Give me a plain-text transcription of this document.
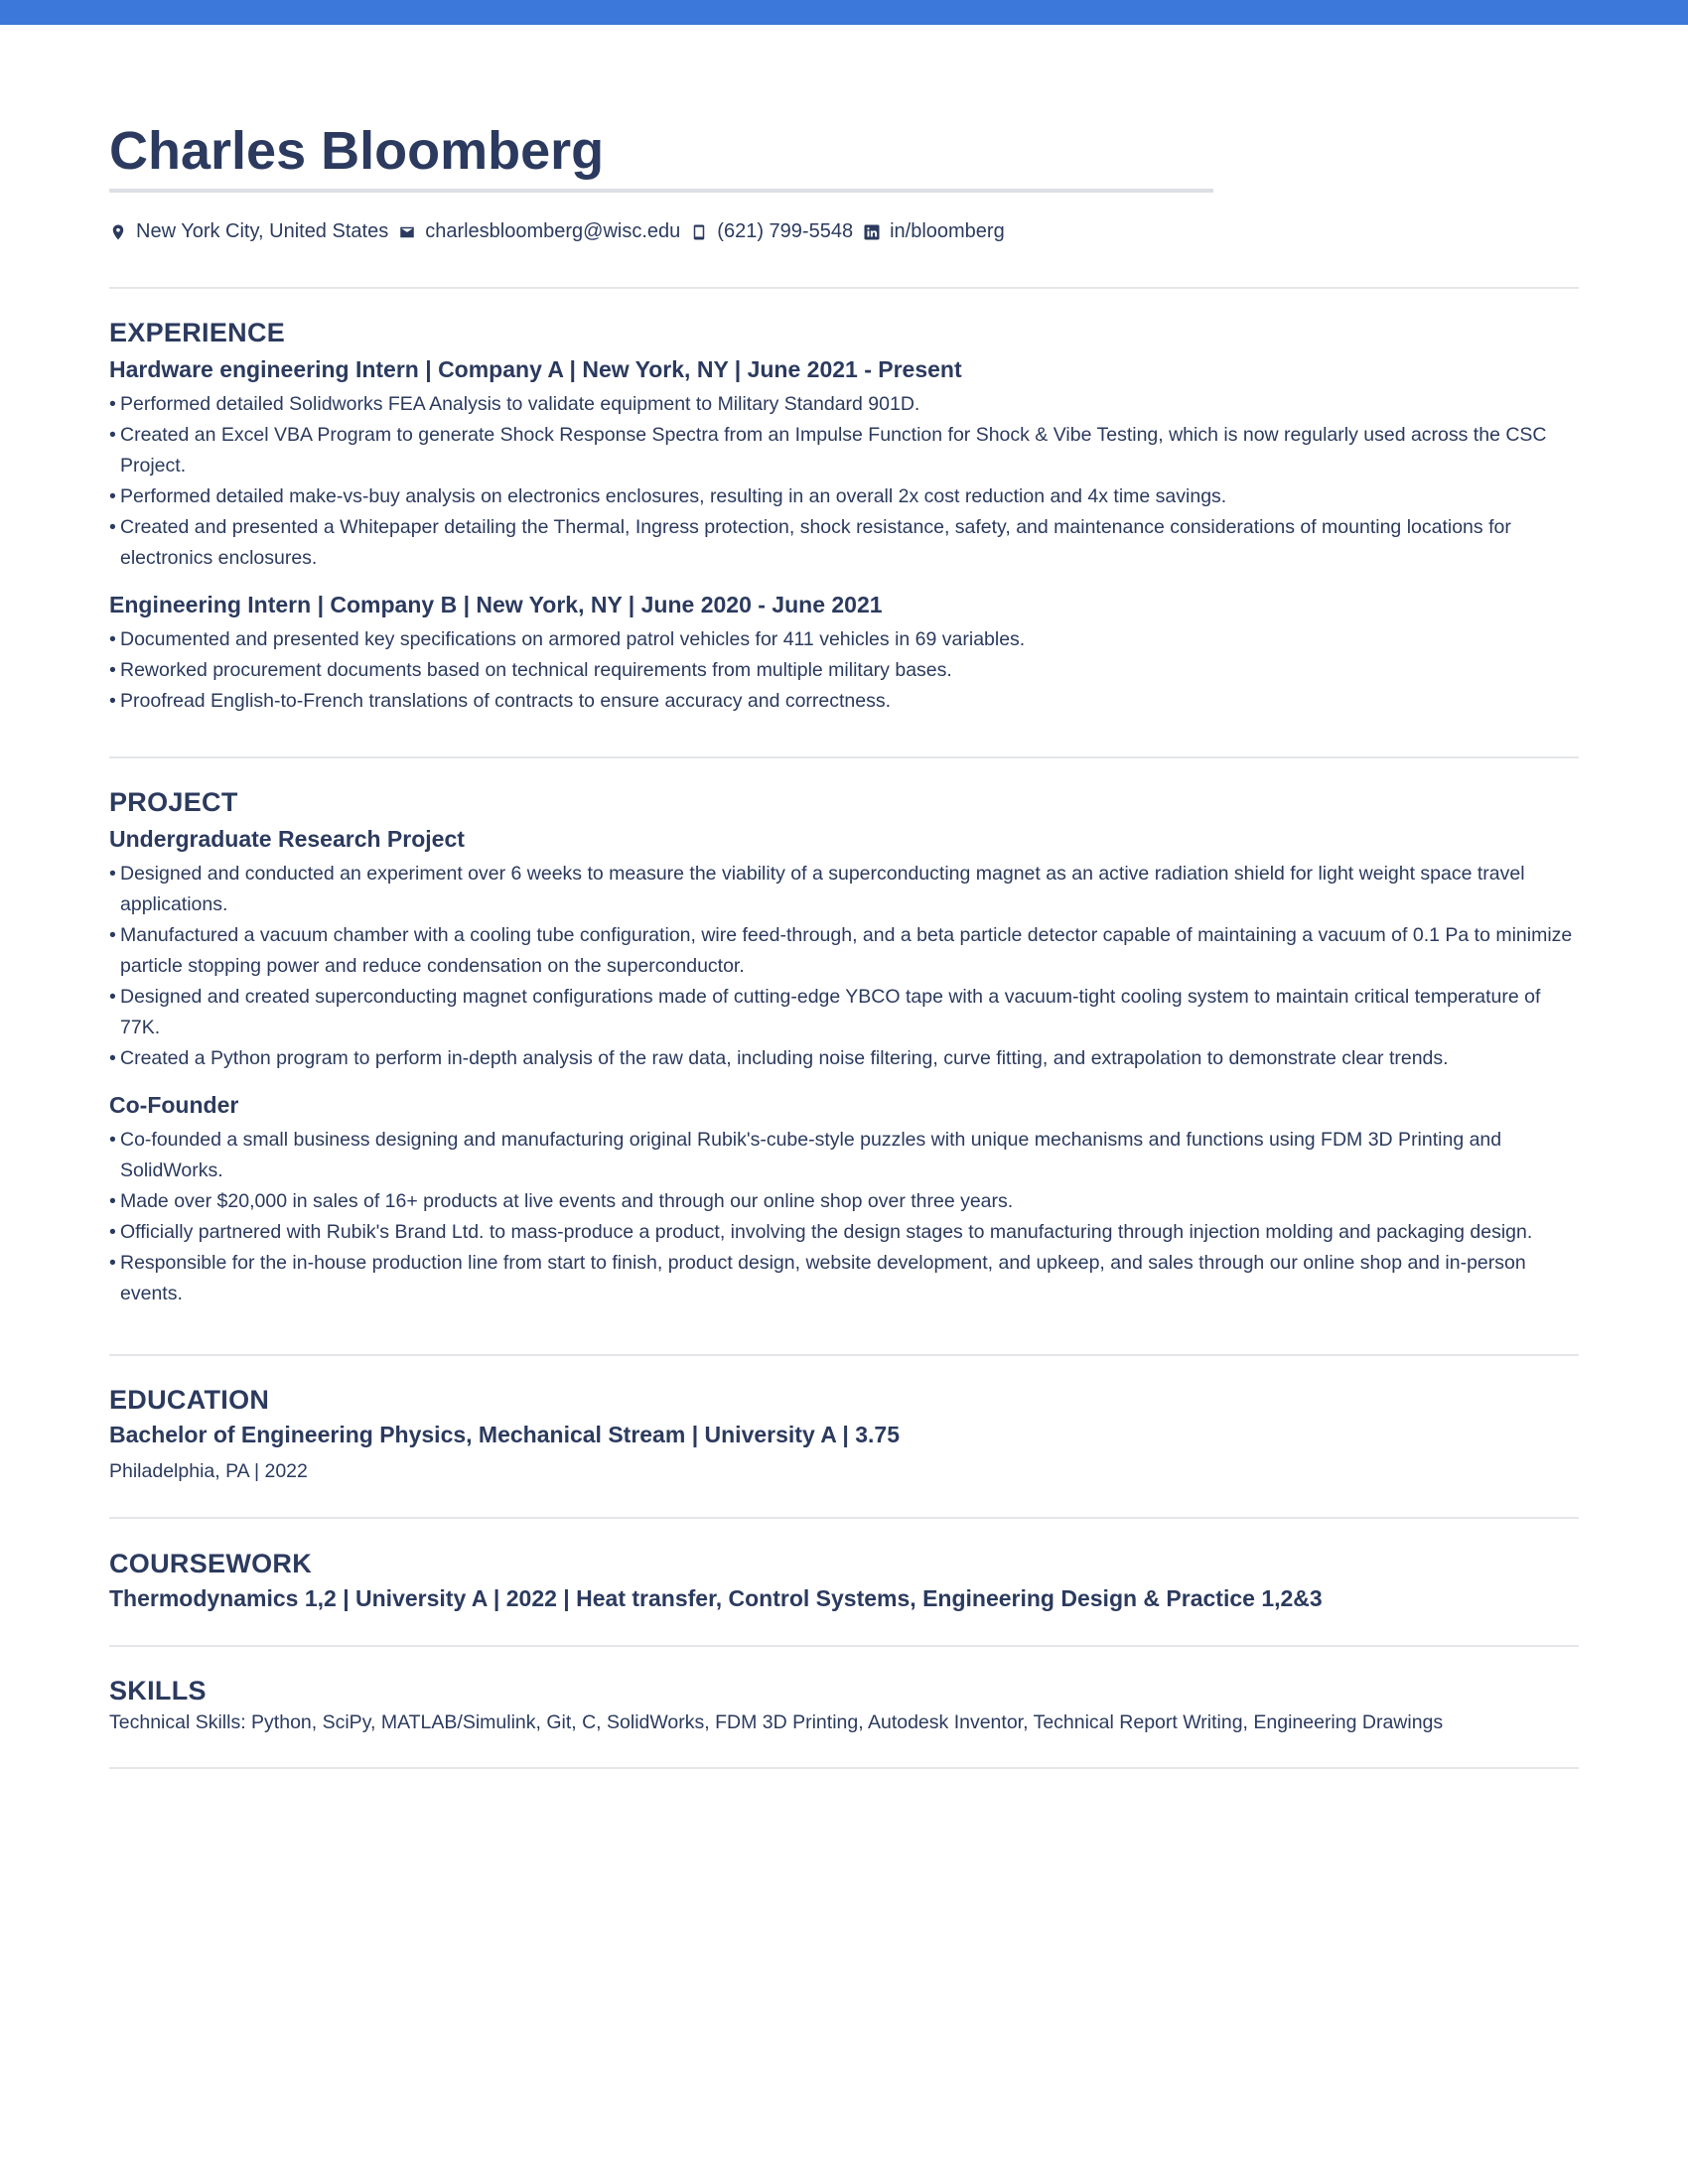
Charles Bloomberg
New York City, United States charlesbloomberg@wisc.edu (621) 799-5548 in/bloomberg
EXPERIENCE
Hardware engineering Intern | Company A | New York, NY | June 2021 - Present
• Performed detailed Solidworks FEA Analysis to validate equipment to Military Standard 901D.
• Created an Excel VBA Program to generate Shock Response Spectra from an Impulse Function for Shock & Vibe Testing, which is now regularly used across the CSC Project.
• Performed detailed make-vs-buy analysis on electronics enclosures, resulting in an overall 2x cost reduction and 4x time savings.
• Created and presented a Whitepaper detailing the Thermal, Ingress protection, shock resistance, safety, and maintenance considerations of mounting locations for electronics enclosures.
Engineering Intern | Company B | New York, NY | June 2020 - June 2021
• Documented and presented key specifications on armored patrol vehicles for 411 vehicles in 69 variables.
• Reworked procurement documents based on technical requirements from multiple military bases.
• Proofread English-to-French translations of contracts to ensure accuracy and correctness.
PROJECT
Undergraduate Research Project
• Designed and conducted an experiment over 6 weeks to measure the viability of a superconducting magnet as an active radiation shield for light weight space travel applications.
• Manufactured a vacuum chamber with a cooling tube configuration, wire feed-through, and a beta particle detector capable of maintaining a vacuum of 0.1 Pa to minimize particle stopping power and reduce condensation on the superconductor.
• Designed and created superconducting magnet configurations made of cutting-edge YBCO tape with a vacuum-tight cooling system to maintain critical temperature of 77K.
• Created a Python program to perform in-depth analysis of the raw data, including noise filtering, curve fitting, and extrapolation to demonstrate clear trends.
Co-Founder
• Co-founded a small business designing and manufacturing original Rubik's-cube-style puzzles with unique mechanisms and functions using FDM 3D Printing and SolidWorks.
• Made over $20,000 in sales of 16+ products at live events and through our online shop over three years.
• Officially partnered with Rubik's Brand Ltd. to mass-produce a product, involving the design stages to manufacturing through injection molding and packaging design.
• Responsible for the in-house production line from start to finish, product design, website development, and upkeep, and sales through our online shop and in-person events.
EDUCATION
Bachelor of Engineering Physics, Mechanical Stream | University A | 3.75

Philadelphia, PA | 2022

COURSEWORK
Thermodynamics 1,2 | University A | 2022 | Heat transfer, Control Systems, Engineering Design & Practice 1,2&3
SKILLS

Technical Skills: Python, SciPy, MATLAB/Simulink, Git, C, SolidWorks, FDM 3D Printing, Autodesk Inventor, Technical Report Writing, Engineering Drawings
